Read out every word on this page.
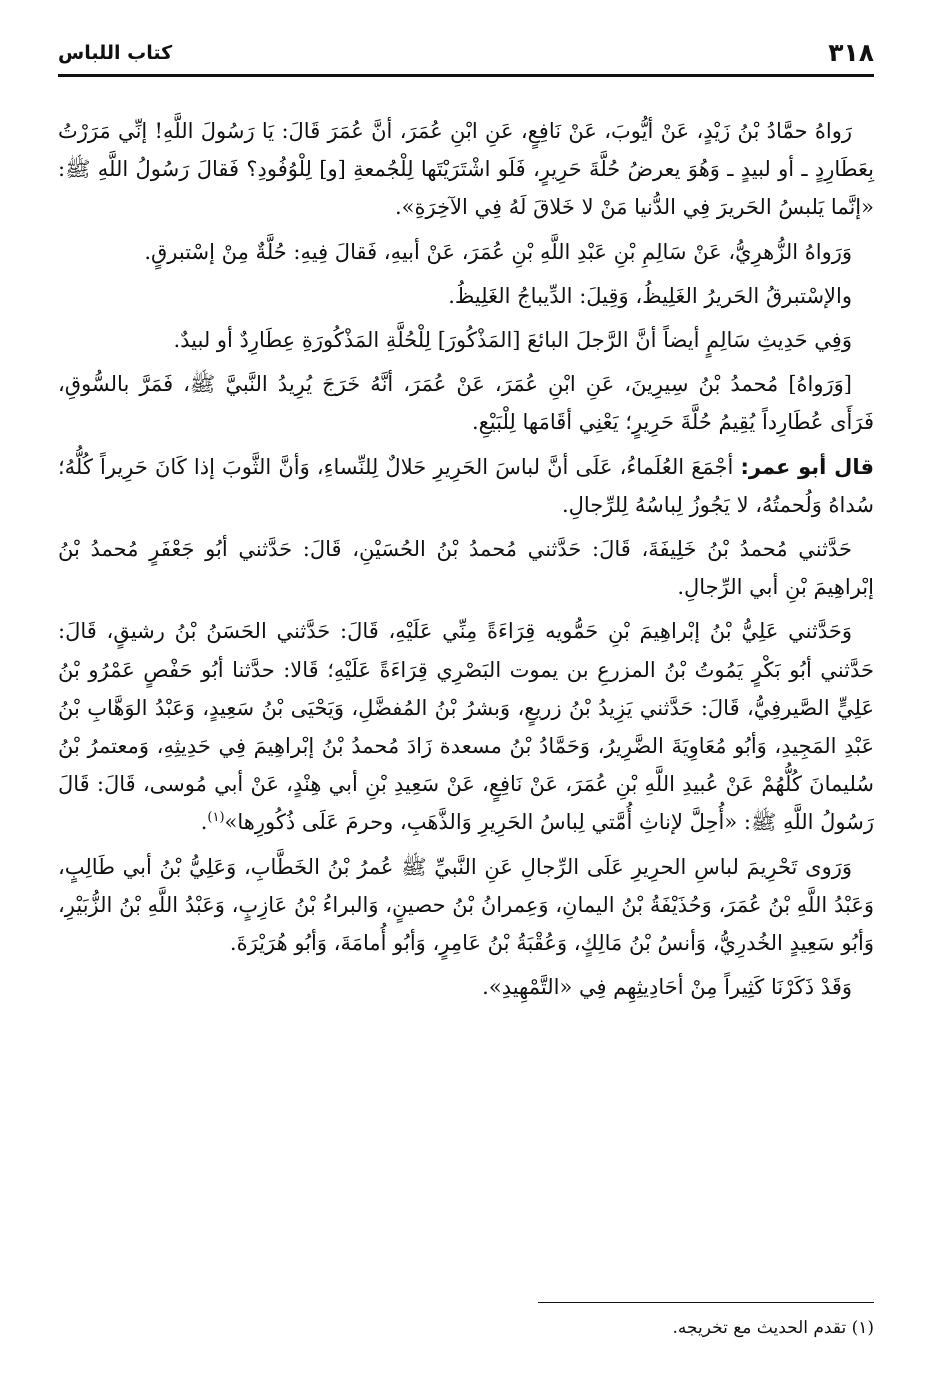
٣١٨
كتاب اللباس

رَواهُ حمَّادُ بْنُ زَيْدٍ، عَنْ أيُّوبَ، عَنْ نَافِعٍ، عَنِ ابْنِ عُمَرَ، أنَّ عُمَرَ قَالَ: يَا رَسُولَ اللَّهِ! إنِّي مَرَرْتُ بِعَطَارِدٍ ـ أو لبيدٍ ـ وَهُوَ يعرضُ حُلَّةَ حَرِيرٍ، فَلَو اشْتَرَيْتَها لِلْجُمعةِ [و] لِلْوُفُودِ؟ فَقالَ رَسُولُ اللَّهِ ﷺ: «إنَّما يَلبسُ الحَريرَ فِي الدُّنيا مَنْ لا خَلاقَ لَهُ فِي الآخِرَةِ».

وَرَواهُ الزُّهرِيُّ، عَنْ سَالِمِ بْنِ عَبْدِ اللَّهِ بْنِ عُمَرَ، عَنْ أبيهِ، فَقالَ فِيهِ: حُلَّةٌ مِنْ إسْتبرقٍ.

والإسْتبرقُ الحَريرُ الغَلِيظُ، وَقِيلَ: الدِّيباجُ الغَلِيظُ.

وَفِي حَدِيثِ سَالِمٍ أيضاً أنَّ الرَّجلَ البائعَ [المَذْكُورَ] لِلْحُلَّةِ المَذْكُورَةِ عِطَارِدٌ أو لبيدٌ.

[وَرَواهُ] مُحمدُ بْنُ سِيرِينَ، عَنِ ابْنِ عُمَرَ، عَنْ عُمَرَ، أنَّهُ خَرَجَ يُرِيدُ النَّبيَّ ﷺ، فَمَرَّ بالسُّوقِ، فَرَأَى عُطَارِداً يُقِيمُ حُلَّةَ حَرِيرٍ؛ يَعْنِي أقَامَها لِلْبَيْعِ.

قال أبو عمر: أجْمَعَ العُلَماءُ، عَلَى أنَّ لباسَ الحَرِيرِ حَلالٌ لِلنِّساءِ، وَأنَّ الثَّوبَ إذا كَانَ حَرِيراً كُلُّهُ؛ سُداهُ وَلُحمتُهُ، لا يَجُوزُ لِباسُهُ لِلرِّجالِ.

حَدَّثني مُحمدُ بْنُ خَلِيفَةَ، قَالَ: حَدَّثني مُحمدُ بْنُ الحُسَيْنِ، قَالَ: حَدَّثني أبُو جَعْفَرٍ مُحمدُ بْنُ إبْراهِيمَ بْنِ أبي الرِّجالِ.

وَحَدَّثني عَلِيُّ بْنُ إبْراهِيمَ بْنِ حَمُّويه قِرَاءَةً مِنِّي عَلَيْهِ، قَالَ: حَدَّثني الحَسَنُ بْنُ رشيقٍ، قَالَ: حَدَّثني أبُو بَكْرٍ يَمُوتُ بْنُ المزرعِ بن يموت البَصْرِي قِرَاءَةً عَلَيْهِ؛ قَالا: حدَّثنا أبُو حَفْصٍ عَمْرُو بْنُ عَلِيٍّ الصَّيرفِيُّ، قَالَ: حَدَّثني يَزِيدُ بْنُ زريعٍ، وَبشرُ بْنُ المُفضَّلِ، وَيَحْيَى بْنُ سَعِيدٍ، وَعَبْدُ الوَهَّابِ بْنُ عَبْدِ المَجِيدِ، وَأبُو مُعَاوِيَةَ الضَّرِيرُ، وَحَمَّادُ بْنُ مسعدة زَادَ مُحمدُ بْنُ إبْراهِيمَ فِي حَدِيثِهِ، وَمعتمرُ بْنُ سُليمانَ كُلُّهُمْ عَنْ عُبيدِ اللَّهِ بْنِ عُمَرَ، عَنْ نَافِعٍ، عَنْ سَعِيدِ بْنِ أبي هِنْدٍ، عَنْ أبي مُوسى، قَالَ: قَالَ رَسُولُ اللَّهِ ﷺ: «أُحِلَّ لإناثِ أُمَّتي لِباسُ الحَرِيرِ وَالذَّهَبِ، وحرمَ عَلَى ذُكُورِها»$^{(١)}$.

وَرَوى تَحْرِيمَ لباسِ الحرِيرِ عَلَى الرِّجالِ عَنِ النَّبيِّ ﷺ عُمرُ بْنُ الخَطَّابِ، وَعَلِيُّ بْنُ أبي طَالِبٍ، وَعَبْدُ اللَّهِ بْنُ عُمَرَ، وَحُذَيْفَةُ بْنُ اليمانِ، وَعِمرانُ بْنُ حصينٍ، وَالبراءُ بْنُ عَازِبٍ، وَعَبْدُ اللَّهِ بْنُ الزُّبَيْرِ، وَأبُو سَعِيدٍ الخُدرِيُّ، وَأنسُ بْنُ مَالِكٍ، وَعُقْبَةُ بْنُ عَامِرٍ، وَأبُو أُمامَةَ، وَأبُو هُرَيْرَةَ.

وَقَدْ ذَكَرْنَا كَثِيراً مِنْ أحَادِيثِهِم فِي «التَّمْهِيدِ».

(١) تقدم الحديث مع تخريجه.
